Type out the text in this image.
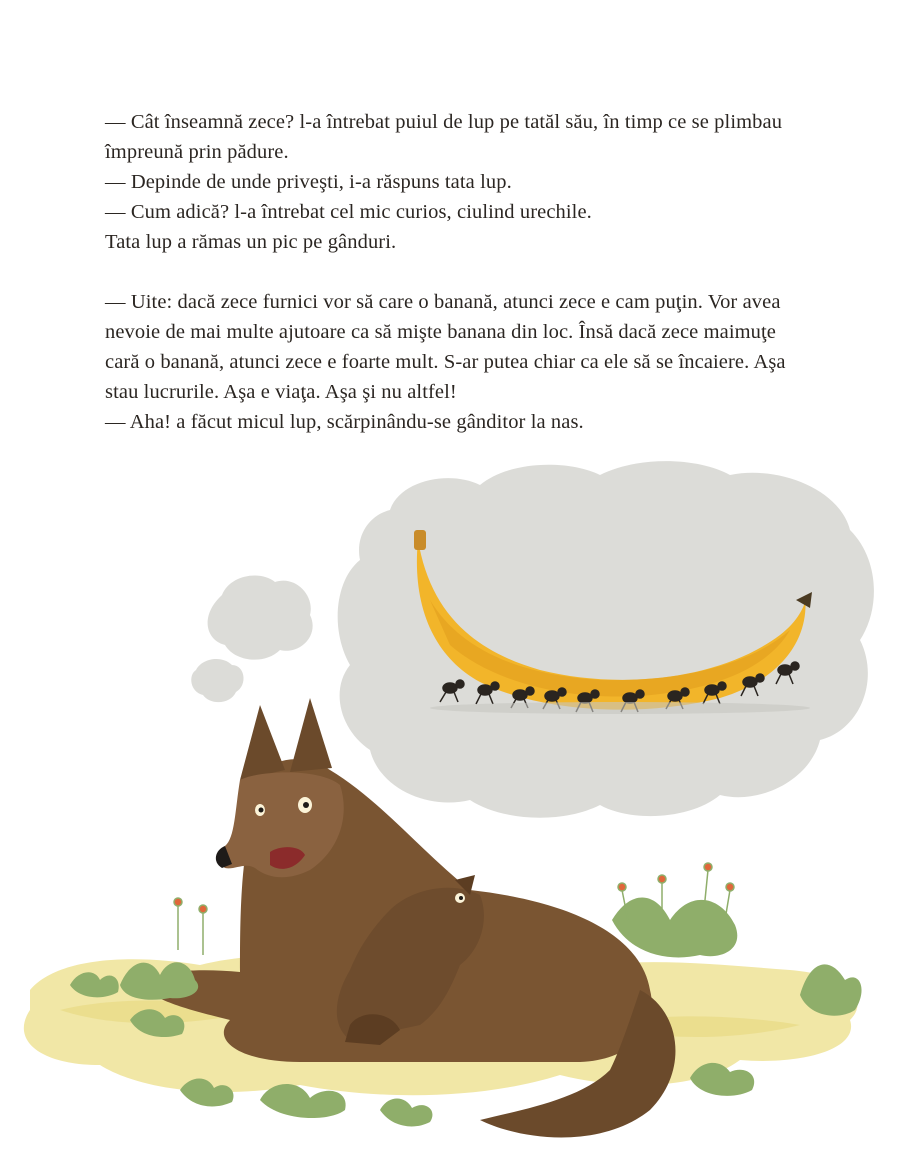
— Cât înseamnă zece? l-a întrebat puiul de lup pe tatăl său, în timp ce se plimbau

împreună prin pădure.

— Depinde de unde priveşti, i-a răspuns tata lup.

— Cum adică? l-a întrebat cel mic curios, ciulind urechile.

Tata lup a rămas un pic pe gânduri.

— Uite: dacă zece furnici vor să care o banană, atunci zece e cam puţin. Vor avea

nevoie de mai multe ajutoare ca să mişte banana din loc. Însă dacă zece maimuţe

cară o banană, atunci zece e foarte mult. S-ar putea chiar ca ele să se încaiere. Aşa

stau lucrurile. Aşa e viaţa. Aşa şi nu altfel!

— Aha! a făcut micul lup, scărpinându-se gânditor la nas.
